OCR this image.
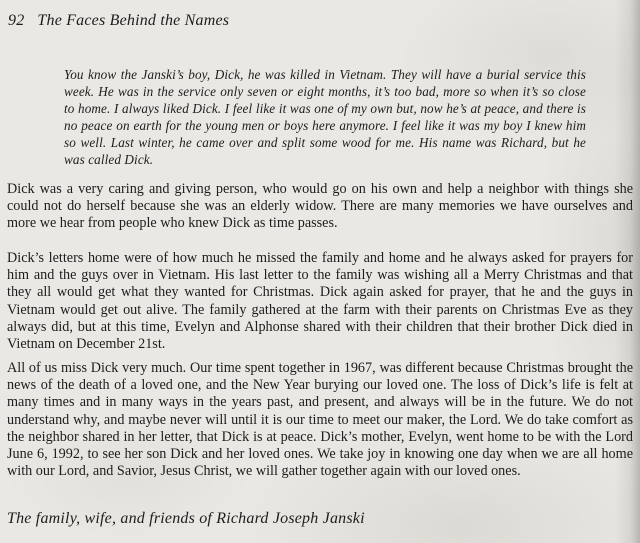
92 The Faces Behind the Names
You know the Janski’s boy, Dick, he was killed in Vietnam. They will have a burial service this week. He was in the service only seven or eight months, it’s too bad, more so when it’s so close to home. I always liked Dick. I feel like it was one of my own but, now he’s at peace, and there is no peace on earth for the young men or boys here anymore. I feel like it was my boy I knew him so well. Last winter, he came over and split some wood for me. His name was Richard, but he was called Dick.

Dick was a very caring and giving person, who would go on his own and help a neighbor with things she could not do herself because she was an elderly widow. There are many memories we have ourselves and more we hear from people who knew Dick as time passes.

Dick’s letters home were of how much he missed the family and home and he always asked for prayers for him and the guys over in Vietnam. His last letter to the family was wishing all a Merry Christmas and that they all would get what they wanted for Christmas. Dick again asked for prayer, that he and the guys in Vietnam would get out alive. The family gathered at the farm with their parents on Christmas Eve as they always did, but at this time, Evelyn and Alphonse shared with their children that their brother Dick died in Vietnam on December 21st.

All of us miss Dick very much. Our time spent together in 1967, was different because Christmas brought the news of the death of a loved one, and the New Year burying our loved one. The loss of Dick’s life is felt at many times and in many ways in the years past, and present, and always will be in the future. We do not understand why, and maybe never will until it is our time to meet our maker, the Lord. We do take comfort as the neighbor shared in her letter, that Dick is at peace. Dick’s mother, Evelyn, went home to be with the Lord June 6, 1992, to see her son Dick and her loved ones. We take joy in knowing one day when we are all home with our Lord, and Savior, Jesus Christ, we will gather together again with our loved ones.

The family, wife, and friends of Richard Joseph Janski
